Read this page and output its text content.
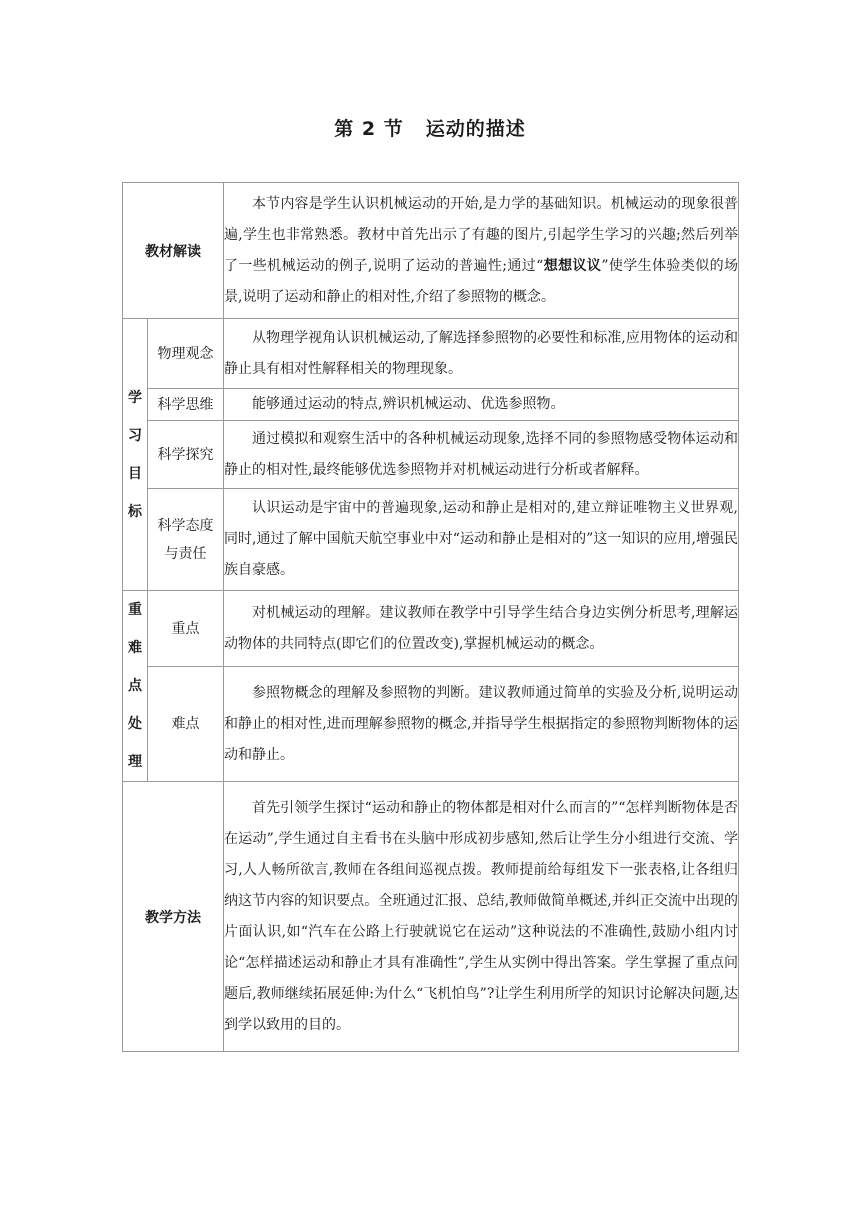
第 2 节 运动的描述
教材解读		本节内容是学生认识机械运动的开始,是力学的基础知识。机械运动的现象很普遍,学生也非常熟悉。教材中首先出示了有趣的图片,引起学生学习的兴趣;然后列举了一些机械运动的例子,说明了运动的普遍性;通过“想想议议”使学生体验类似的场景,说明了运动和静止的相对性,介绍了参照物的概念。

学
习
目
标	物理观念	从物理学视角认识机械运动,了解选择参照物的必要性和标准,应用物体的运动和静止具有相对性解释相关的物理现象。

	科学思维	能够通过运动的特点,辨识机械运动、优选参照物。

	科学探究	通过模拟和观察生活中的各种机械运动现象,选择不同的参照物感受物体运动和静止的相对性,最终能够优选参照物并对机械运动进行分析或者解释。

	科学态度
与责任	认识运动是宇宙中的普遍现象,运动和静止是相对的,建立辩证唯物主义世界观,同时,通过了解中国航天航空事业中对“运动和静止是相对的”这一知识的应用,增强民族自豪感。

重
难
点
处
理	重点	对机械运动的理解。建议教师在教学中引导学生结合身边实例分析思考,理解运动物体的共同特点(即它们的位置改变),掌握机械运动的概念。
	难点	参照物概念的理解及参照物的判断。建议教师通过简单的实验及分析,说明运动和静止的相对性,进而理解参照物的概念,并指导学生根据指定的参照物判断物体的运动和静止。
教学方法		首先引领学生探讨“运动和静止的物体都是相对什么而言的”“怎样判断物体是否在运动”,学生通过自主看书在头脑中形成初步感知,然后让学生分小组进行交流、学习,人人畅所欲言,教师在各组间巡视点拨。教师提前给每组发下一张表格,让各组归纳这节内容的知识要点。全班通过汇报、总结,教师做简单概述,并纠正交流中出现的片面认识,如“汽车在公路上行驶就说它在运动”这种说法的不准确性,鼓励小组内讨论“怎样描述运动和静止才具有准确性”,学生从实例中得出答案。学生掌握了重点问题后,教师继续拓展延伸:为什么“飞机怕鸟”?让学生利用所学的知识讨论解决问题,达到学以致用的目的。
